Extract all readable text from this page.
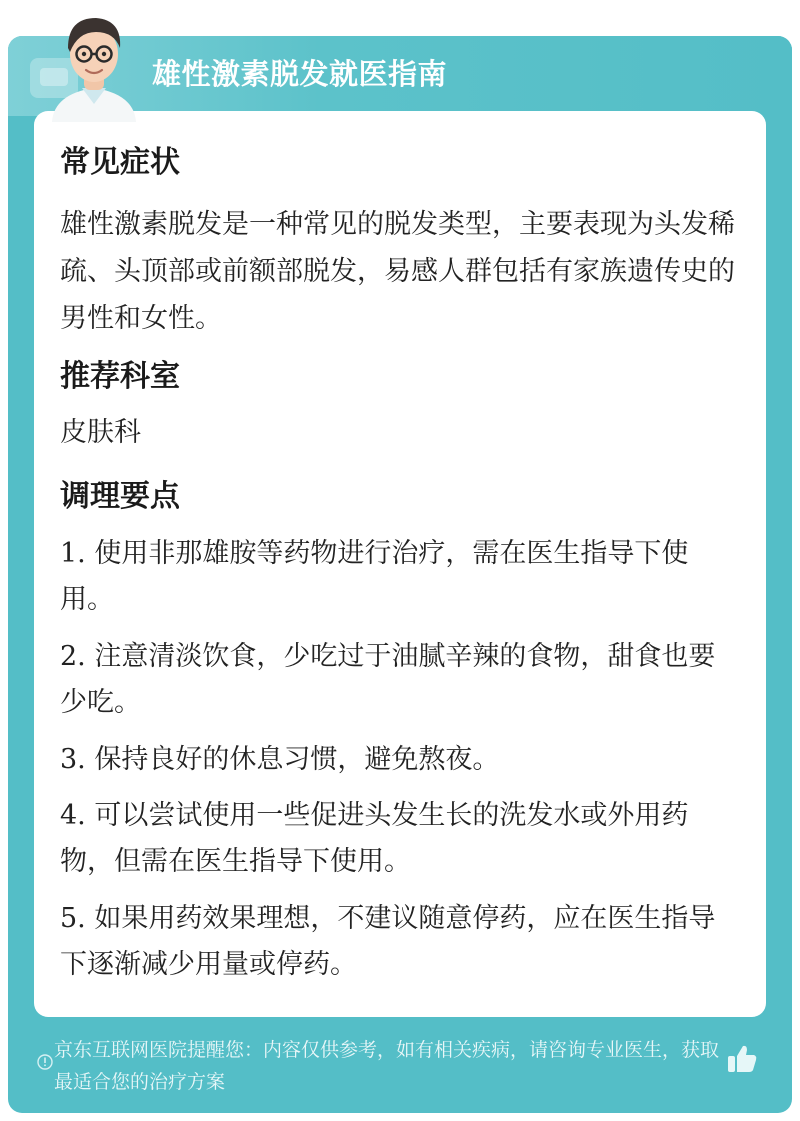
雄性激素脱发就医指南
常见症状
雄性激素脱发是一种常见的脱发类型，主要表现为头发稀疏、头顶部或前额部脱发，易感人群包括有家族遗传史的男性和女性。
推荐科室
皮肤科
调理要点
1. 使用非那雄胺等药物进行治疗，需在医生指导下使用。
2. 注意清淡饮食，少吃过于油腻辛辣的食物，甜食也要少吃。
3. 保持良好的休息习惯，避免熬夜。
4. 可以尝试使用一些促进头发生长的洗发水或外用药物，但需在医生指导下使用。
5. 如果用药效果理想，不建议随意停药，应在医生指导下逐渐减少用量或停药。
京东互联网医院提醒您：内容仅供参考，如有相关疾病，请咨询专业医生，获取最适合您的治疗方案
